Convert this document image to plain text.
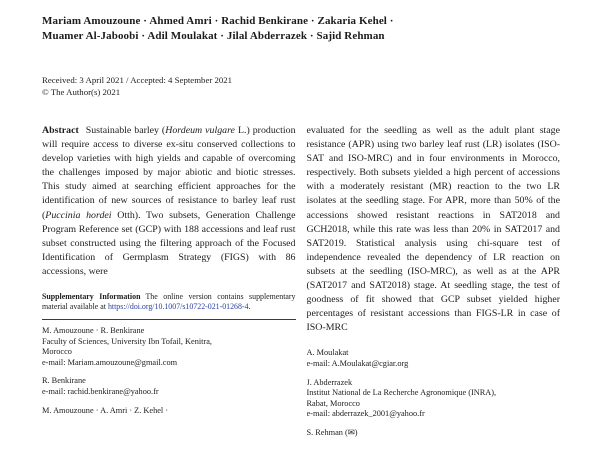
Mariam Amouzoune · Ahmed Amri · Rachid Benkirane · Zakaria Kehel ·
Muamer Al-Jaboobi · Adil Moulakat · Jilal Abderrazek · Sajid Rehman
Received: 3 April 2021 / Accepted: 4 September 2021
© The Author(s) 2021
Abstract Sustainable barley (Hordeum vulgare L.) production will require access to diverse ex-situ conserved collections to develop varieties with high yields and capable of overcoming the challenges imposed by major abiotic and biotic stresses. This study aimed at searching efficient approaches for the identification of new sources of resistance to barley leaf rust (Puccinia hordei Otth). Two subsets, Generation Challenge Program Reference set (GCP) with 188 accessions and leaf rust subset constructed using the filtering approach of the Focused Identification of Germplasm Strategy (FIGS) with 86 accessions, were
Supplementary Information The online version contains supplementary material available at https://doi.org/10.1007/s10722-021-01268-4.
M. Amouzoune · R. Benkirane
Faculty of Sciences, University Ibn Tofail, Kenitra,
Morocco
e-mail: Mariam.amouzoune@gmail.com
R. Benkirane
e-mail: rachid.benkirane@yahoo.fr
M. Amouzoune · A. Amri · Z. Kehel ·
evaluated for the seedling as well as the adult plant stage resistance (APR) using two barley leaf rust (LR) isolates (ISO-SAT and ISO-MRC) and in four environments in Morocco, respectively. Both subsets yielded a high percent of accessions with a moderately resistant (MR) reaction to the two LR isolates at the seedling stage. For APR, more than 50% of the accessions showed resistant reactions in SAT2018 and GCH2018, while this rate was less than 20% in SAT2017 and SAT2019. Statistical analysis using chi-square test of independence revealed the dependency of LR reaction on subsets at the seedling (ISO-MRC), as well as at the APR (SAT2017 and SAT2018) stage. At seedling stage, the test of goodness of fit showed that GCP subset yielded higher percentages of resistant accessions than FIGS-LR in case of ISO-MRC
A. Moulakat
e-mail: A.Moulakat@cgiar.org
J. Abderrazek
Institut National de La Recherche Agronomique (INRA),
Rabat, Morocco
e-mail: abderrazek_2001@yahoo.fr
S. Rehman (✉)
